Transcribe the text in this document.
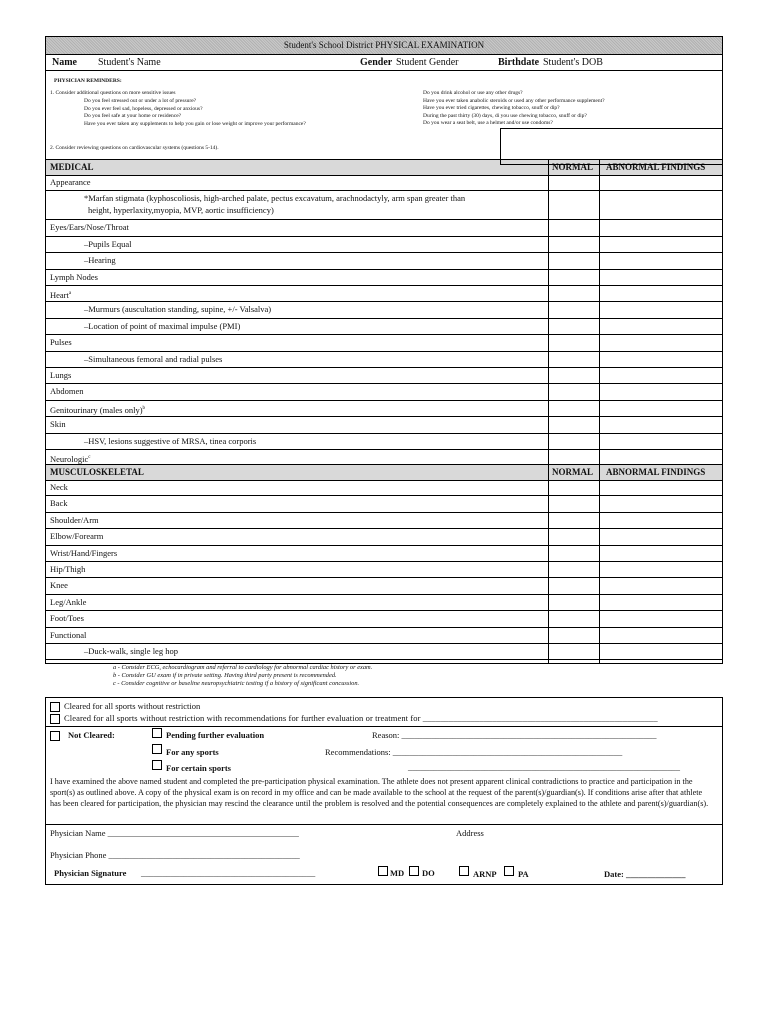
Student's School District PHYSICAL EXAMINATION
Name Student's Name	Gender Student Gender	Birthdate Student's DOB
PHYSICIAN REMINDERS:
1. Consider additional questions on more sensitive issues
Do you feel stressed out or under a lot of pressure?
Do you ever feel sad, hopeless, depressed or anxious?
Do you feel safe at your home or residence?
Have you ever taken any supplements to help you gain or lose weight or improve your performance?
Do you drink alcohol or use any other drugs?
Have you ever taken anabolic steroids or used any other performance supplement?
Have you ever tried cigarettes, chewing tobacco, snuff or dip?
During the past thirty (30) days, di you use chewing tobacco, snuff or dip?
Do you wear a seat belt, use a helmet and/or use condoms?
2. Consider reviewing questions on cardiovascular systems (questions 5-14).
MEDICAL	NORMAL ABNORMAL FINDINGS
Appearance
*Marfan stigmata (kyphoscoliosis, high-arched palate, pectus excavatum, arachnodactyly, arm span greater than
height, hyperlaxity,myopia, MVP, aortic insufficiency)
Eyes/Ears/Nose/Throat
–Pupils Equal
–Hearing
Lymph Nodes
Heart$^a$
–Murmurs (auscultation standing, supine, +/- Valsalva)
–Location of point of maximal impulse (PMI)
Pulses
–Simultaneous femoral and radial pulses
Lungs
Abdomen
Genitourinary (males only)$^b$
Skin
–HSV, lesions suggestive of MRSA, tinea corporis
Neurologic$^c$
MUSCULOSKELETAL	NORMAL ABNORMAL FINDINGS
Neck
Back
Shoulder/Arm
Elbow/Forearm
Wrist/Hand/Fingers
Hip/Thigh
Knee
Leg/Ankle
Foot/Toes
Functional
–Duck-walk, single leg hop
a - Consider ECG, echocardiogram and referral to cardiology for abnormal cardiac history or exam.
b - Consider GU exam if in private setting. Having third party present is recommended.
c - Consider cognitive or baseline neuropsychiatric testing if a history of significant concussion.
Cleared for all sports without restriction
Cleared for all sports without restriction with recommendations for further evaluation or treatment for ______________________________________________________
Not Cleared:	Pending further evaluation	Reason: ____________________________________________________________
For any sports	Recommendations: ______________________________________________________
For certain sports	________________________________________________________________
I have examined the above named student and completed the pre-participation physical examination. The athlete does not present apparent clinical contradictions to practice and participation in the sport(s) as outlined above. A copy of the physical exam is on record in my office and can be made available to the school at the request of the parent(s)/guardian(s). If conditions arise after that athlete has been cleared for participation, the physician may rescind the clearance until the problem is resolved and the potential consequences are completely explained to the athlete and parent(s)/guardian(s).
Physician Name _____________________________________________	Address
Physician Phone _____________________________________________
Physician Signature _________________________________________	MD DO	ARNP	PA	Date: ______________
